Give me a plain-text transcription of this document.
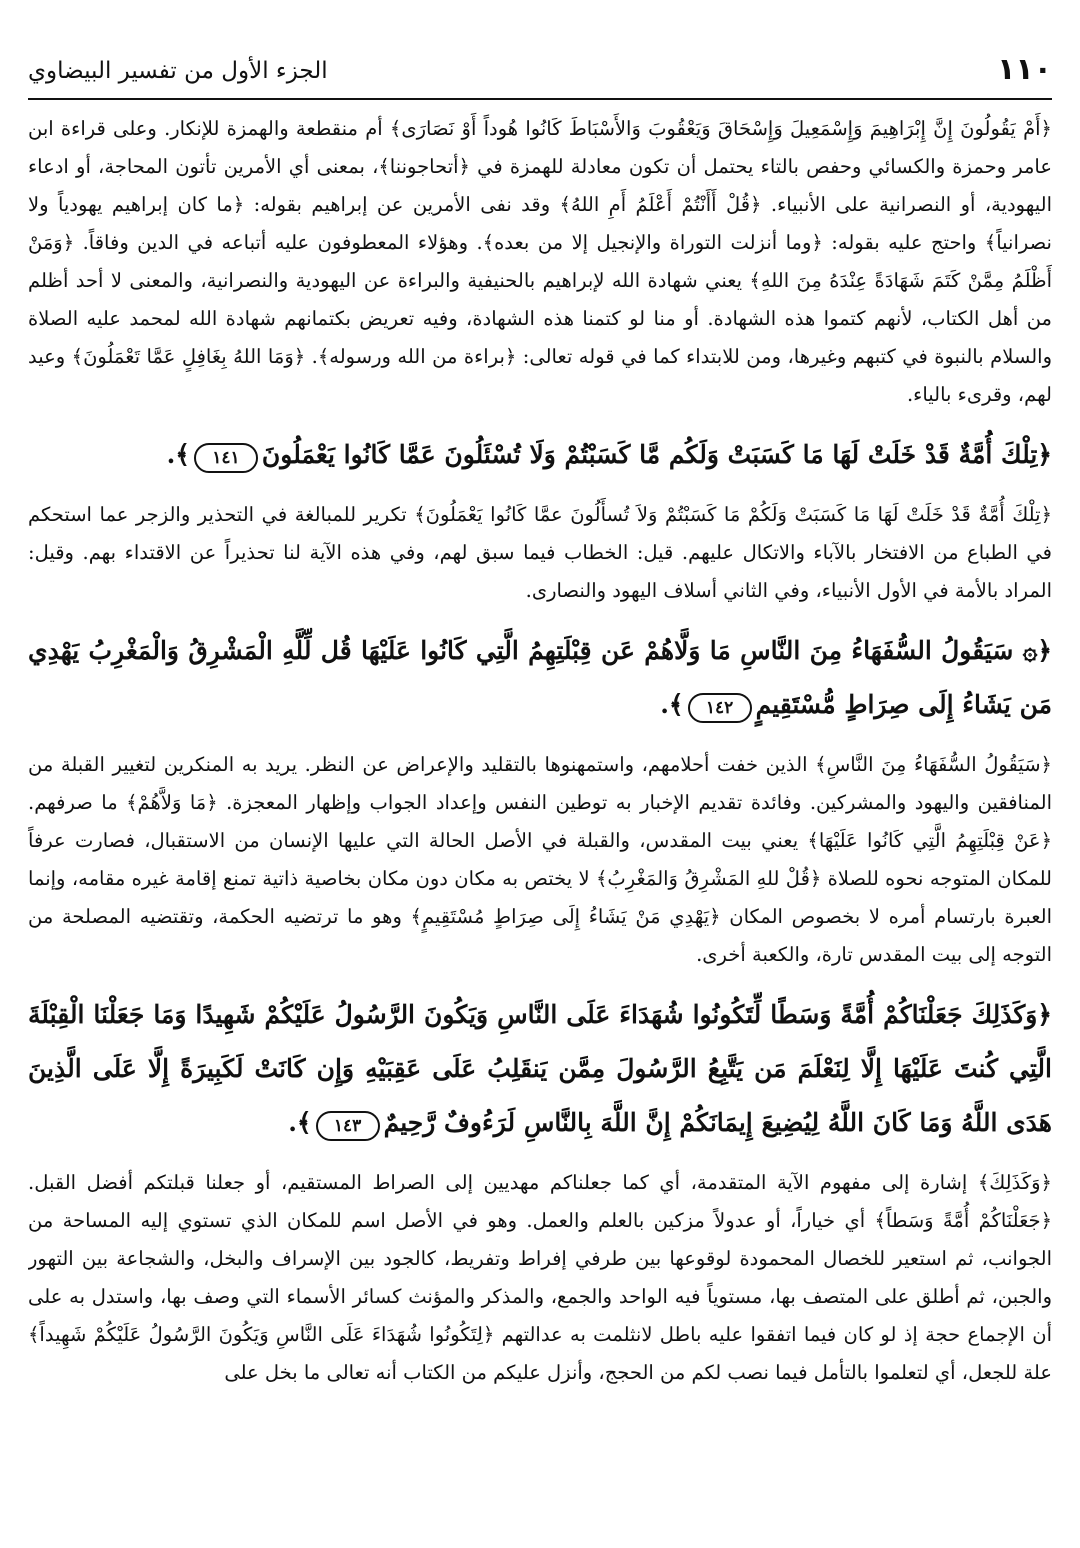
١١٠
الجزء الأول من تفسير البيضاوي

﴿أَمْ يَقُولُونَ إِنَّ إِبْرَاهِيمَ وَإِسْمَعِيلَ وَإِسْحَاقَ وَيَعْقُوبَ وَالأَسْبَاطَ كَانُوا هُوداً أَوْ نَصَارَى﴾ أم منقطعة والهمزة للإنكار. وعلى قراءة ابن عامر وحمزة والكسائي وحفص بالتاء يحتمل أن تكون معادلة للهمزة في ﴿أتحاجوننا﴾، بمعنى أي الأمرين تأتون المحاجة، أو ادعاء اليهودية، أو النصرانية على الأنبياء. ﴿قُلْ أَأَنْتُمْ أَعْلَمُ أَمِ اللهُ﴾ وقد نفى الأمرين عن إبراهيم بقوله: ﴿ما كان إبراهيم يهودياً ولا نصرانياً﴾ واحتج عليه بقوله: ﴿وما أنزلت التوراة والإنجيل إلا من بعده﴾. وهؤلاء المعطوفون عليه أتباعه في الدين وفاقاً. ﴿وَمَنْ أَظْلَمُ مِمَّنْ كَتَمَ شَهَادَةً عِنْدَهُ مِنَ اللهِ﴾ يعني شهادة الله لإبراهيم بالحنيفية والبراءة عن اليهودية والنصرانية، والمعنى لا أحد أظلم من أهل الكتاب، لأنهم كتموا هذه الشهادة. أو منا لو كتمنا هذه الشهادة، وفيه تعريض بكتمانهم شهادة الله لمحمد عليه الصلاة والسلام بالنبوة في كتبهم وغيرها، ومن للابتداء كما في قوله تعالى: ﴿براءة من الله ورسوله﴾. ﴿وَمَا اللهُ بِغَافِلٍ عَمَّا تَعْمَلُونَ﴾ وعيد لهم، وقرىء بالياء.

﴿تِلْكَ أُمَّةٌ قَدْ خَلَتْ لَهَا مَا كَسَبَتْ وَلَكُم مَّا كَسَبْتُمْ وَلَا تُسْئَلُونَ عَمَّا كَانُوا يَعْمَلُونَ١٤١﴾.

﴿تِلْكَ أُمَّةٌ قَدْ خَلَتْ لَهَا مَا كَسَبَتْ وَلَكُمْ مَا كَسَبْتُمْ وَلاَ تُسأَلُونَ عمَّا كَانُوا يَعْمَلُونَ﴾ تكرير للمبالغة في التحذير والزجر عما استحكم في الطباع من الافتخار بالآباء والاتكال عليهم. قيل: الخطاب فيما سبق لهم، وفي هذه الآية لنا تحذيراً عن الاقتداء بهم. وقيل: المراد بالأمة في الأول الأنبياء، وفي الثاني أسلاف اليهود والنصارى.

﴿۞ سَيَقُولُ السُّفَهَاءُ مِنَ النَّاسِ مَا وَلَّاهُمْ عَن قِبْلَتِهِمُ الَّتِي كَانُوا عَلَيْهَا قُل لِّلَّهِ الْمَشْرِقُ وَالْمَغْرِبُ يَهْدِي مَن يَشَاءُ إِلَى صِرَاطٍ مُّسْتَقِيمٍ١٤٢﴾.

﴿سَيَقُولُ السُّفَهَاءُ مِنَ النَّاسِ﴾ الذين خفت أحلامهم، واستمهنوها بالتقليد والإعراض عن النظر. يريد به المنكرين لتغيير القبلة من المنافقين واليهود والمشركين. وفائدة تقديم الإخبار به توطين النفس وإعداد الجواب وإظهار المعجزة. ﴿مَا وَلاَّهُمْ﴾ ما صرفهم. ﴿عَنْ قِبْلَتِهِمُ الَّتِي كَانُوا عَلَيْهَا﴾ يعني بيت المقدس، والقبلة في الأصل الحالة التي عليها الإنسان من الاستقبال، فصارت عرفاً للمكان المتوجه نحوه للصلاة ﴿قُلْ للهِ المَشْرِقُ وَالمَغْرِبُ﴾ لا يختص به مكان دون مكان بخاصية ذاتية تمنع إقامة غيره مقامه، وإنما العبرة بارتسام أمره لا بخصوص المكان ﴿يَهْدِي مَنْ يَشَاءُ إِلَى صِرَاطٍ مُسْتَقِيمٍ﴾ وهو ما ترتضيه الحكمة، وتقتضيه المصلحة من التوجه إلى بيت المقدس تارة، والكعبة أخرى.

﴿وَكَذَلِكَ جَعَلْنَاكُمْ أُمَّةً وَسَطًا لِّتَكُونُوا شُهَدَاءَ عَلَى النَّاسِ وَيَكُونَ الرَّسُولُ عَلَيْكُمْ شَهِيدًا وَمَا جَعَلْنَا الْقِبْلَةَ الَّتِي كُنتَ عَلَيْهَا إِلَّا لِنَعْلَمَ مَن يَتَّبِعُ الرَّسُولَ مِمَّن يَنقَلِبُ عَلَى عَقِبَيْهِ وَإِن كَانَتْ لَكَبِيرَةً إِلَّا عَلَى الَّذِينَ هَدَى اللَّهُ وَمَا كَانَ اللَّهُ لِيُضِيعَ إِيمَانَكُمْ إِنَّ اللَّهَ بِالنَّاسِ لَرَءُوفٌ رَّحِيمٌ١٤٣﴾.

﴿وَكَذَلِكَ﴾ إشارة إلى مفهوم الآية المتقدمة، أي كما جعلناكم مهديين إلى الصراط المستقيم، أو جعلنا قبلتكم أفضل القبل. ﴿جَعَلْنَاكُمْ أُمَّةً وَسَطاً﴾ أي خياراً، أو عدولاً مزكين بالعلم والعمل. وهو في الأصل اسم للمكان الذي تستوي إليه المساحة من الجوانب، ثم استعير للخصال المحمودة لوقوعها بين طرفي إفراط وتفريط، كالجود بين الإسراف والبخل، والشجاعة بين التهور والجبن، ثم أطلق على المتصف بها، مستوياً فيه الواحد والجمع، والمذكر والمؤنث كسائر الأسماء التي وصف بها، واستدل به على أن الإجماع حجة إذ لو كان فيما اتفقوا عليه باطل لانثلمت به عدالتهم ﴿لِتَكُونُوا شُهَدَاءَ عَلَى النَّاسِ وَيَكُونَ الرَّسُولُ عَلَيْكُمْ شَهِيداً﴾ علة للجعل، أي لتعلموا بالتأمل فيما نصب لكم من الحجج، وأنزل عليكم من الكتاب أنه تعالى ما بخل على
